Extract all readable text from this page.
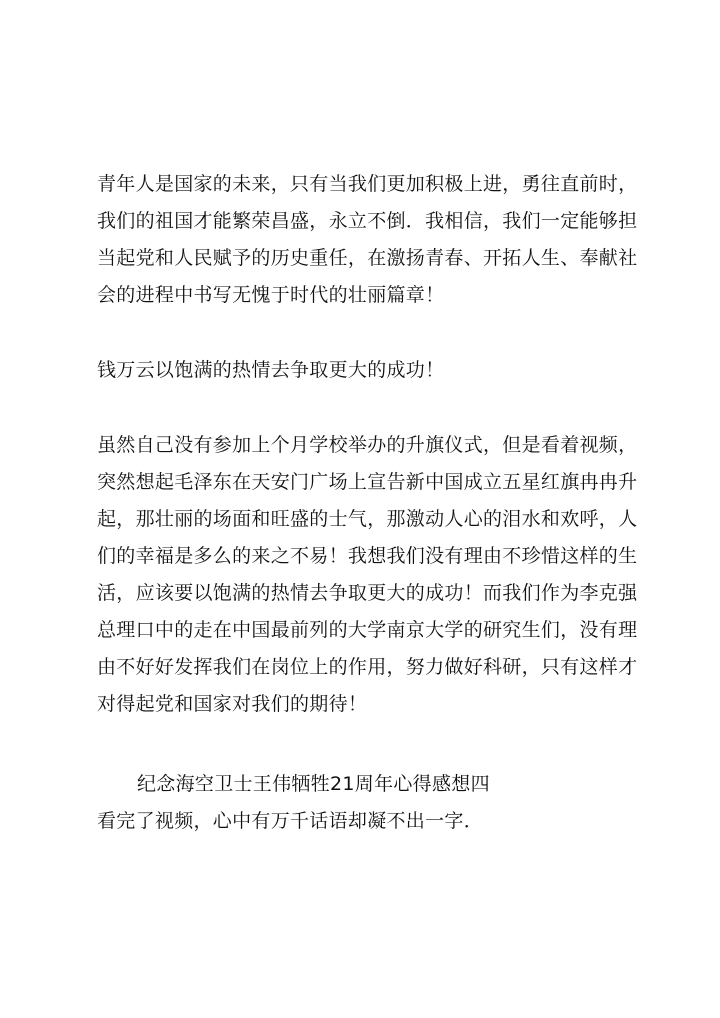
青年人是国家的未来，只有当我们更加积极上进，勇往直前时，
我们的祖国才能繁荣昌盛，永立不倒．我相信，我们一定能够担
当起党和人民赋予的历史重任，在激扬青春、开拓人生、奉献社
会的进程中书写无愧于时代的壮丽篇章！
钱万云以饱满的热情去争取更大的成功！
虽然自己没有参加上个月学校举办的升旗仪式，但是看着视频，
突然想起毛泽东在天安门广场上宣告新中国成立五星红旗冉冉升
起，那壮丽的场面和旺盛的士气，那激动人心的泪水和欢呼，人
们的幸福是多么的来之不易！我想我们没有理由不珍惜这样的生
活，应该要以饱满的热情去争取更大的成功！而我们作为李克强
总理口中的走在中国最前列的大学南京大学的研究生们，没有理
由不好好发挥我们在岗位上的作用，努力做好科研，只有这样才
对得起党和国家对我们的期待！
纪念海空卫士王伟牺牲21周年心得感想四
看完了视频，心中有万千话语却凝不出一字．
